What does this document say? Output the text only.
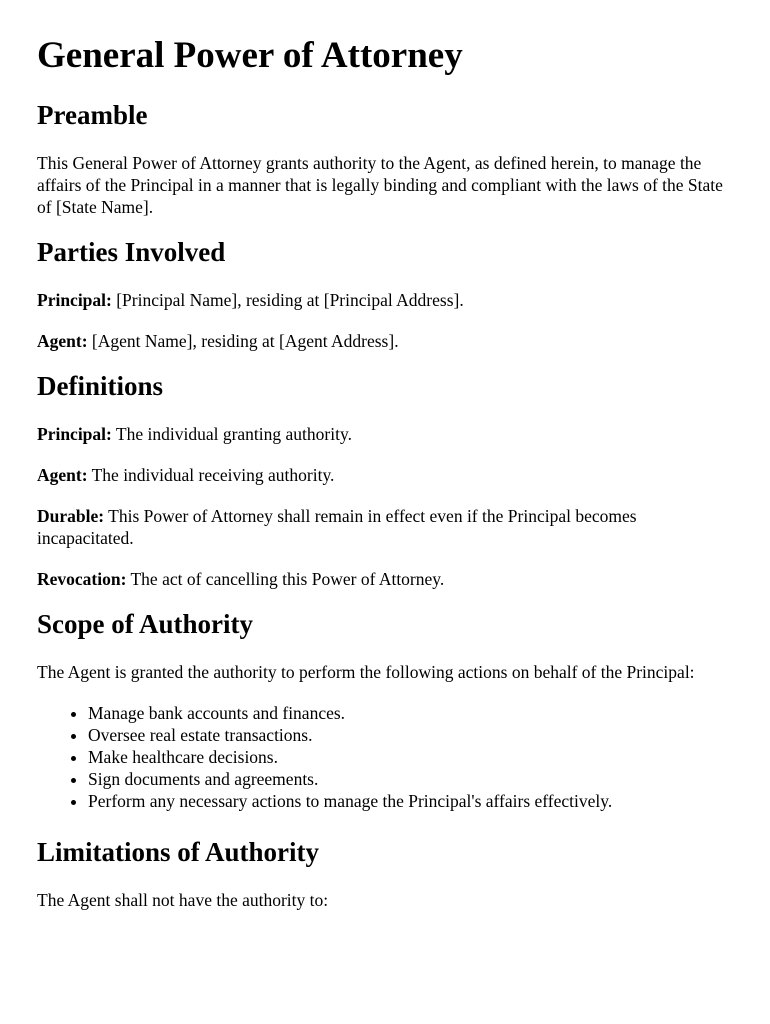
General Power of Attorney
Preamble

This General Power of Attorney grants authority to the Agent, as defined herein, to manage the affairs of the Principal in a manner that is legally binding and compliant with the laws of the State of [State Name].

Parties Involved

Principal: [Principal Name], residing at [Principal Address].

Agent: [Agent Name], residing at [Agent Address].

Definitions

Principal: The individual granting authority.

Agent: The individual receiving authority.

Durable: This Power of Attorney shall remain in effect even if the Principal becomes incapacitated.

Revocation: The act of cancelling this Power of Attorney.

Scope of Authority

The Agent is granted the authority to perform the following actions on behalf of the Principal:

• Manage bank accounts and finances.
• Oversee real estate transactions.
• Make healthcare decisions.
• Sign documents and agreements.
• Perform any necessary actions to manage the Principal's affairs effectively.
Limitations of Authority

The Agent shall not have the authority to:
